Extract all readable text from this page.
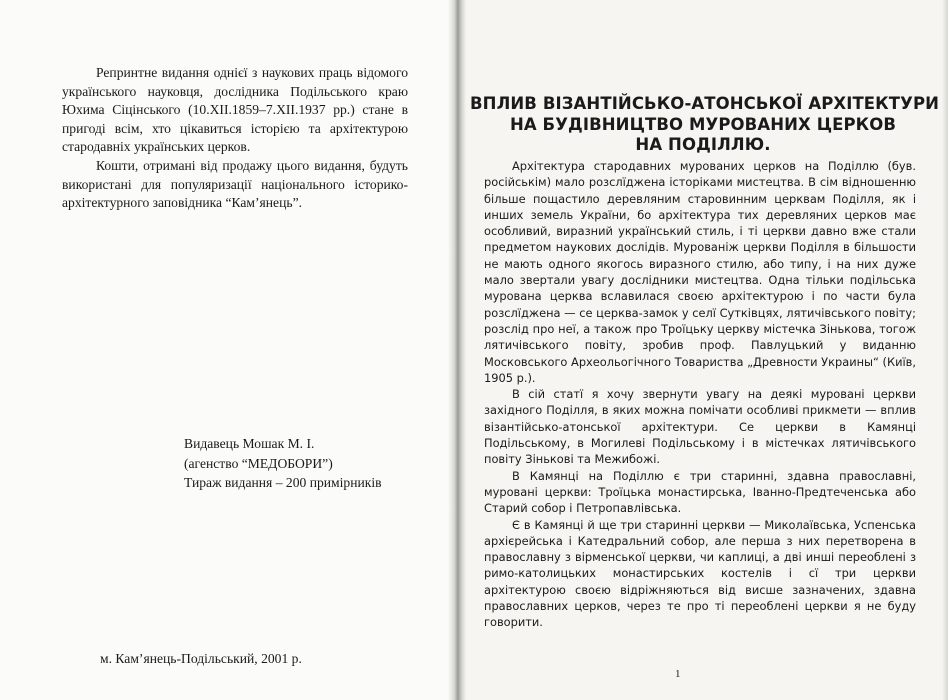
Репринтне видання однієї з наукових праць відомого українського науковця, дослідника Подільського краю Юхима Сіцінського (10.XII.1859–7.XII.1937 рр.) стане в пригоді всім, хто цікавиться історією та архітектурою стародавніх українських церков.

Кошти, отримані від продажу цього видання, будуть використані для популяризації національного історико-архітектурного заповідника “Кам’янець”.

Видавець Мошак М. І.
(агенство “МЕДОБОРИ”)
Тираж видання – 200 примірників
м. Кам’янець-Подільський, 2001 р.
ВПЛИВ ВІЗАНТІЙСЬКО-АТОНСЬКОЇ АРХІТЕКТУРИ
НА БУДІВНИЦТВО МУРОВАНИХ ЦЕРКОВ
НА ПОДІЛЛЮ.

Архітектура стародавних мурованих церков на Поділлю (був. російськім) мало розслїджена історіками мистецтва. В сім відношенню більше пощастило деревляним старовинним церквам Поділля, як і инших земель України, бо архітектура тих деревляних церков має особливий, виразний український стиль, і ті церкви давно вже стали предметом наукових дослідів. Мурованіж церкви Поділля в більшости не мають одного якогось виразного стилю, або типу, і на них дуже мало звертали увагу дослідники мистецтва. Одна тільки подільська мурована церква вславилася своєю архітектурою і по части була розслїджена — се церква-замок у селї Сутківцях, лятичівського повіту; розслід про неї, а також про Троїцьку церкву містечка Зінькова, тогож лятичівського повіту, зробив проф. Павлуцький у виданню Московського Археольогічного Товариства „Древности Украины“ (Київ, 1905 р.).

В сій статї я хочу звернути увагу на деякі муровані церкви західного Поділля, в яких можна помічати особливі прикмети — вплив візантійсько-атонської архітектури. Се церкви в Камянці Подільському, в Могилеві Подільському і в містечках лятичівського повіту Зінькові та Межибожі.

В Камянці на Поділлю є три старинні, здавна православні, муровані церкви: Троїцька монастирська, Іванно-Предтеченська або Старий собор і Петропавлівська.

Є в Камянці й ще три старинні церкви — Миколаївська, Успенська архієрейська і Катедральний собор, але перша з них перетворена в православну з вірменської церкви, чи каплиці, а дві инші переоблені з римо-католицьких монастирських костелів і сї три церкви архітектурою своєю відріжняються від висше зазначених, здавна православних церков, через те про ті переоблені церкви я не буду говорити.

1
